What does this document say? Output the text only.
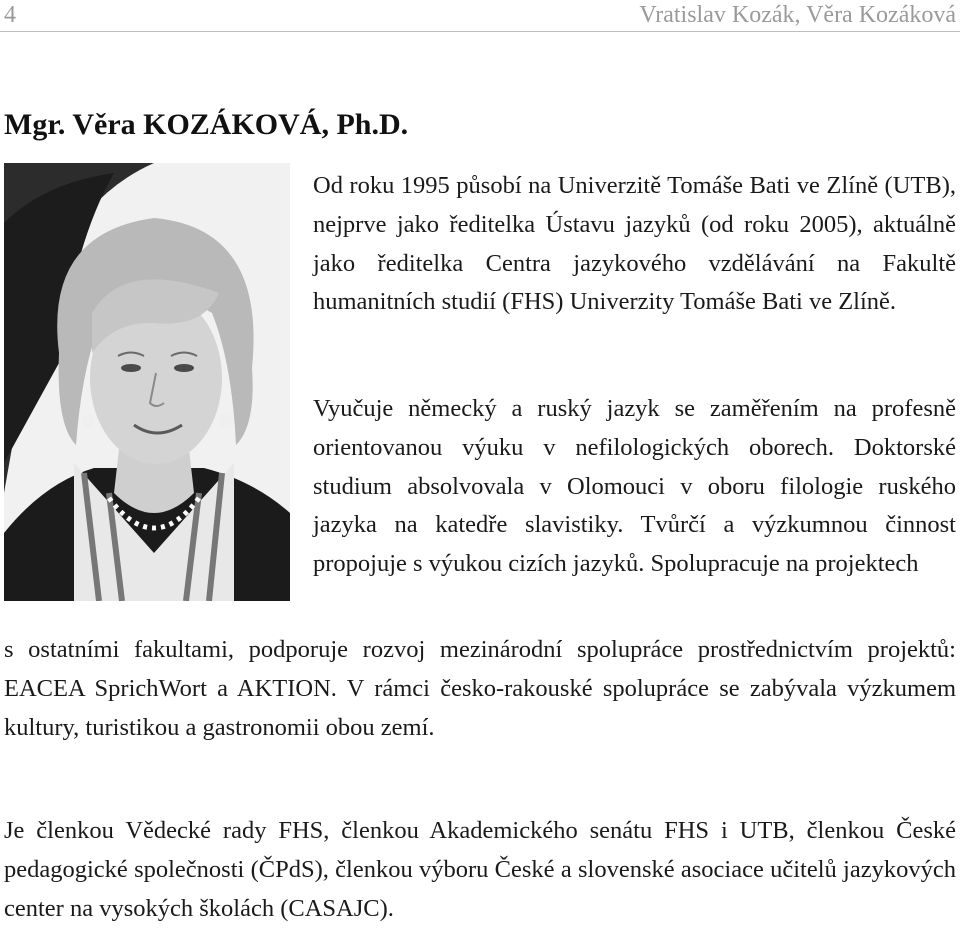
4	Vratislav Kozák, Věra Kozáková
Mgr. Věra KOZÁKOVÁ, Ph.D.

Od roku 1995 působí na Univerzitě Tomáše Bati ve Zlíně (UTB), nejprve jako ředitelka Ústavu jazyků (od roku 2005), aktuálně jako ředitelka Centra jazykového vzdělávání na Fakultě humanitních studií (FHS) Univerzity Tomáše Bati ve Zlíně.

Vyučuje německý a ruský jazyk se zaměřením na profesně orientovanou výuku v nefilologických oborech. Doktorské studium absolvovala v Olomouci v oboru filologie ruského jazyka na katedře slavistiky. Tvůrčí a výzkumnou činnost propojuje s výukou cizích jazyků. Spolupracuje na projektech

s ostatními fakultami, podporuje rozvoj mezinárodní spolupráce prostřednictvím projektů: EACEA SprichWort a AKTION. V rámci česko-rakouské spolupráce se zabývala výzkumem kultury, turistikou a gastronomii obou zemí.

Je členkou Vědecké rady FHS, členkou Akademického senátu FHS i UTB, členkou České pedagogické společnosti (ČPdS), členkou výboru České a slovenské asociace učitelů jazykových center na vysokých školách (CASAJC).
